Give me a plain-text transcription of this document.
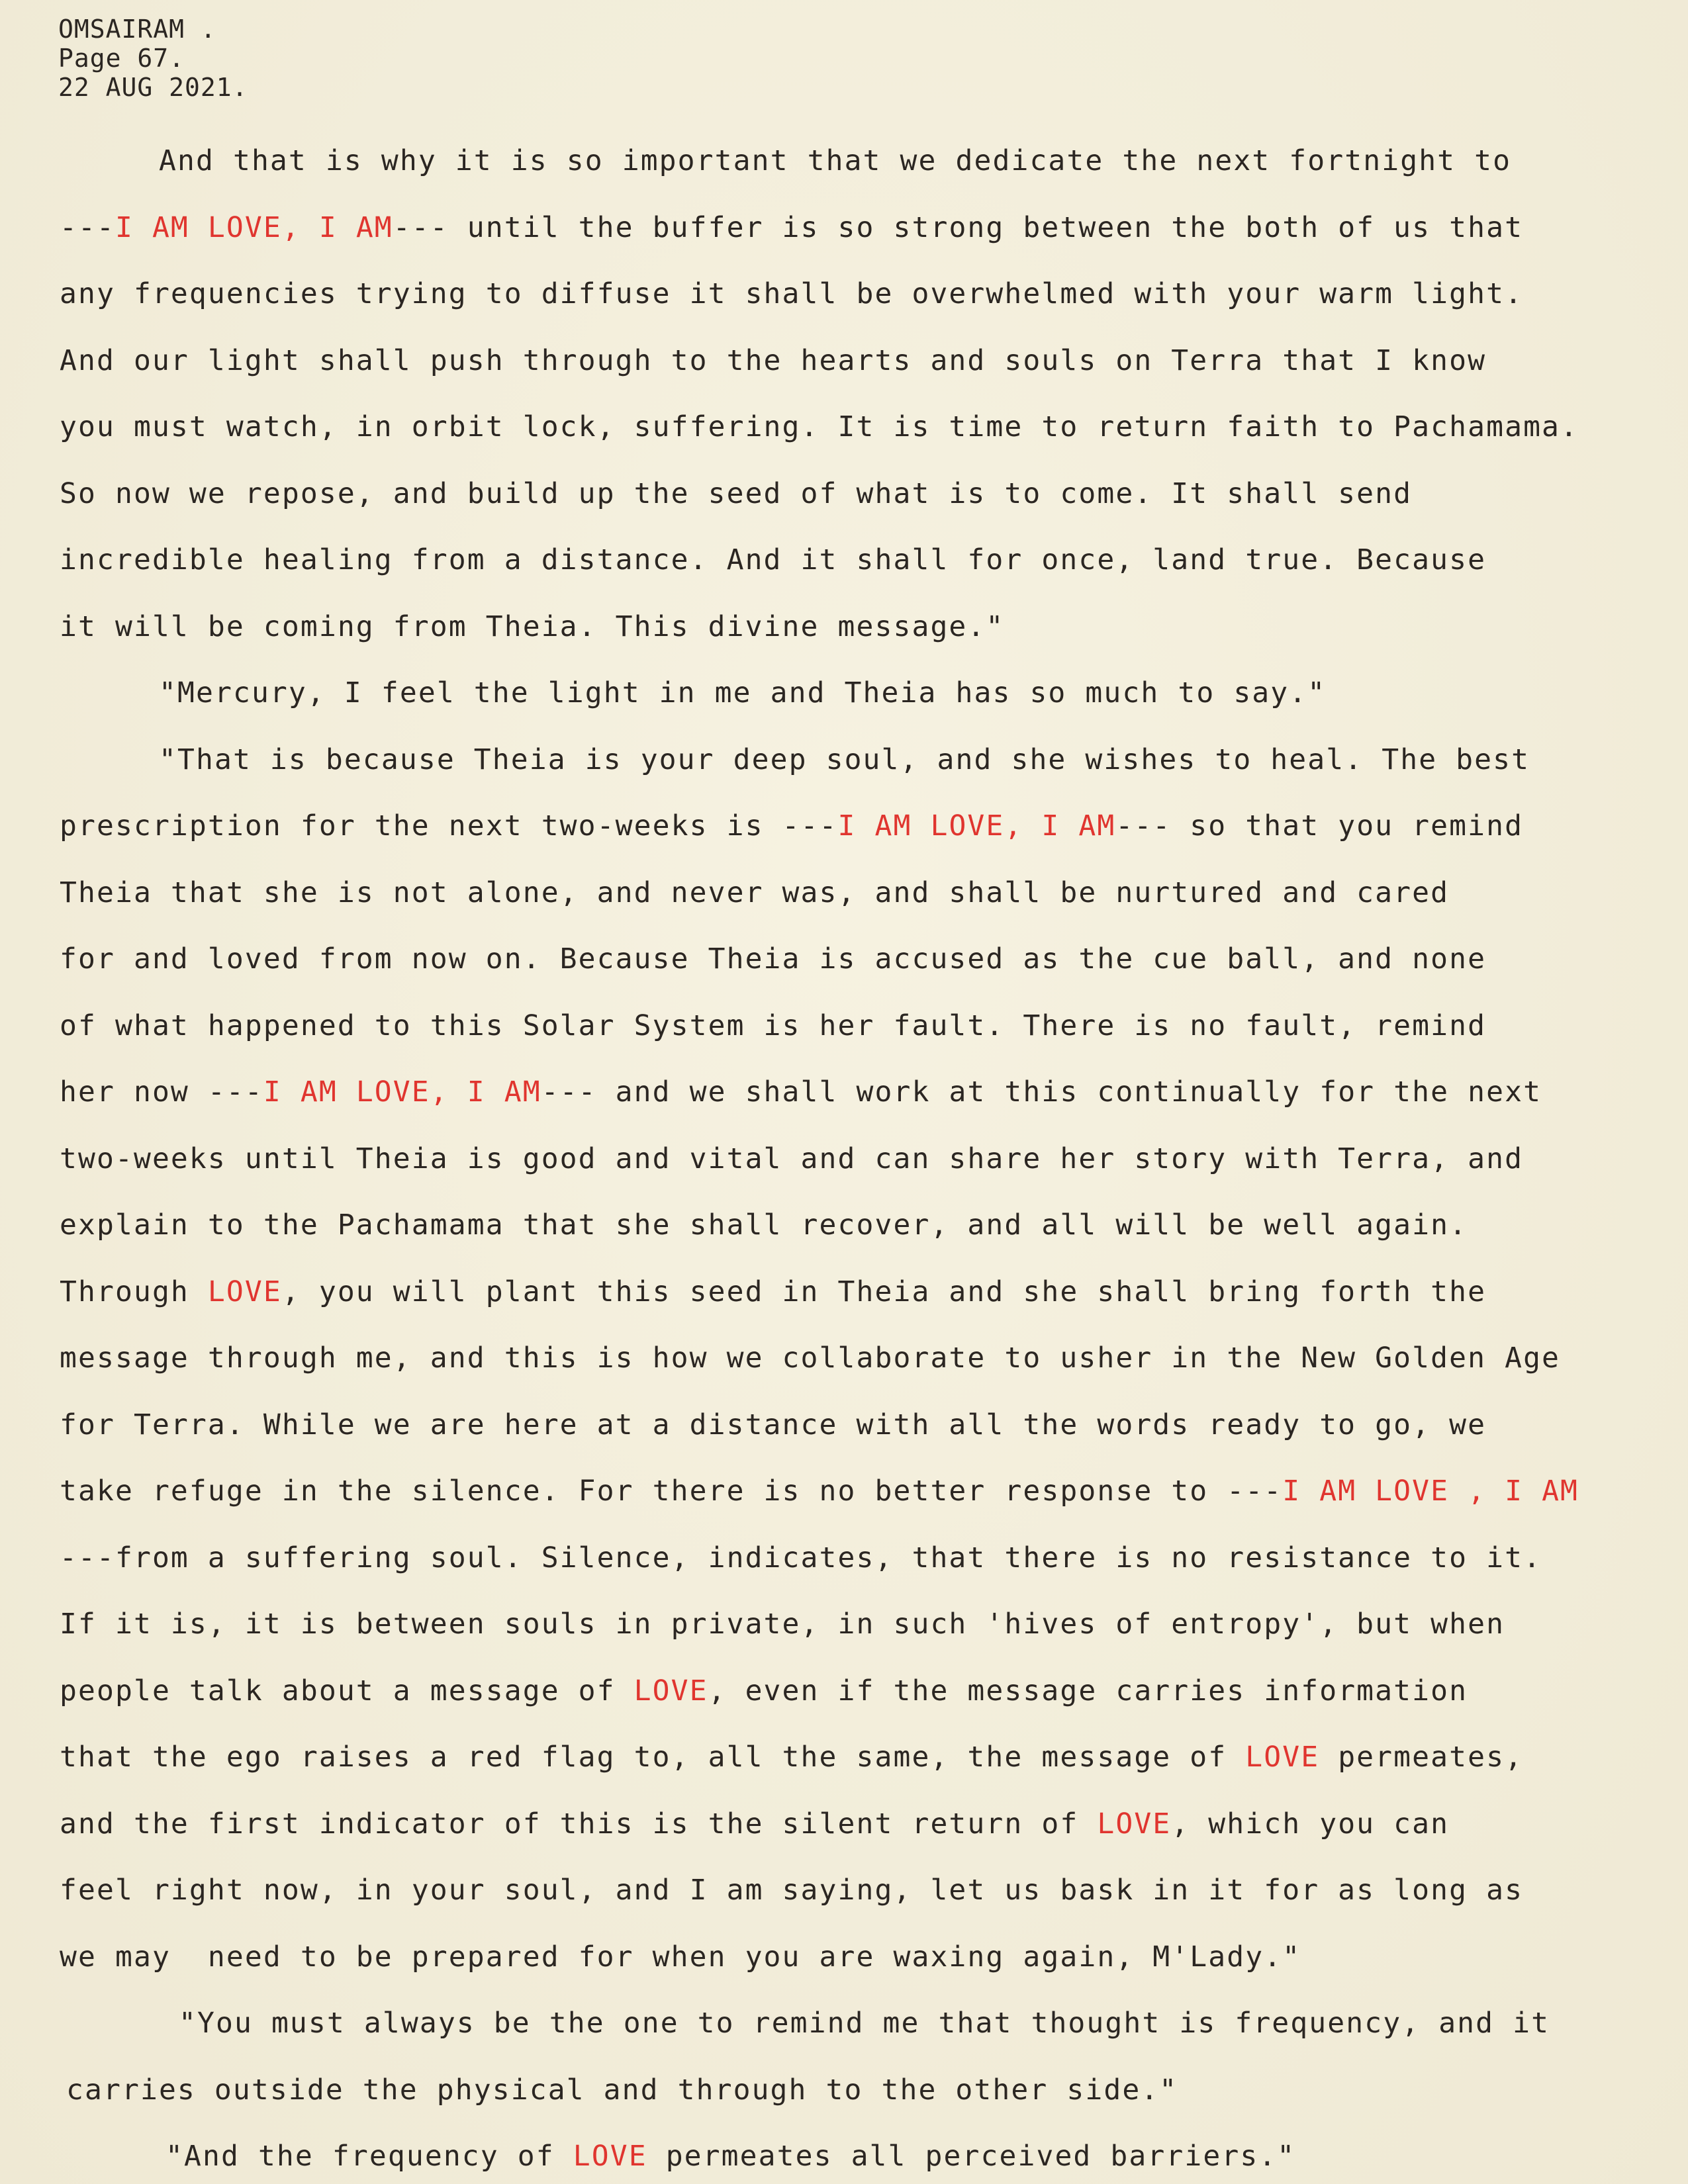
OMSAIRAM .
Page 67.
22 AUG 2021.
And that is why it is so important that we dedicate the next fortnight to
---I AM LOVE, I AM--- until the buffer is so strong between the both of us that
any frequencies trying to diffuse it shall be overwhelmed with your warm light.
And our light shall push through to the hearts and souls on Terra that I know
you must watch, in orbit lock, suffering. It is time to return faith to Pachamama.
So now we repose, and build up the seed of what is to come. It shall send
incredible healing from a distance. And it shall for once, land true. Because
it will be coming from Theia. This divine message."
"Mercury, I feel the light in me and Theia has so much to say."
"That is because Theia is your deep soul, and she wishes to heal. The best
prescription for the next two-weeks is ---I AM LOVE, I AM--- so that you remind
Theia that she is not alone, and never was, and shall be nurtured and cared
for and loved from now on. Because Theia is accused as the cue ball, and none
of what happened to this Solar System is her fault. There is no fault, remind
her now ---I AM LOVE, I AM--- and we shall work at this continually for the next
two-weeks until Theia is good and vital and can share her story with Terra, and
explain to the Pachamama that she shall recover, and all will be well again.
Through LOVE, you will plant this seed in Theia and she shall bring forth the
message through me, and this is how we collaborate to usher in the New Golden Age
for Terra. While we are here at a distance with all the words ready to go, we
take refuge in the silence. For there is no better response to ---I AM LOVE , I AM
---from a suffering soul. Silence, indicates, that there is no resistance to it.
If it is, it is between souls in private, in such 'hives of entropy', but when
people talk about a message of LOVE, even if the message carries information
that the ego raises a red flag to, all the same, the message of LOVE permeates,
and the first indicator of this is the silent return of LOVE, which you can
feel right now, in your soul, and I am saying, let us bask in it for as long as
we may  need to be prepared for when you are waxing again, M'Lady."
"You must always be the one to remind me that thought is frequency, and it
carries outside the physical and through to the other side."
"And the frequency of LOVE permeates all perceived barriers."
